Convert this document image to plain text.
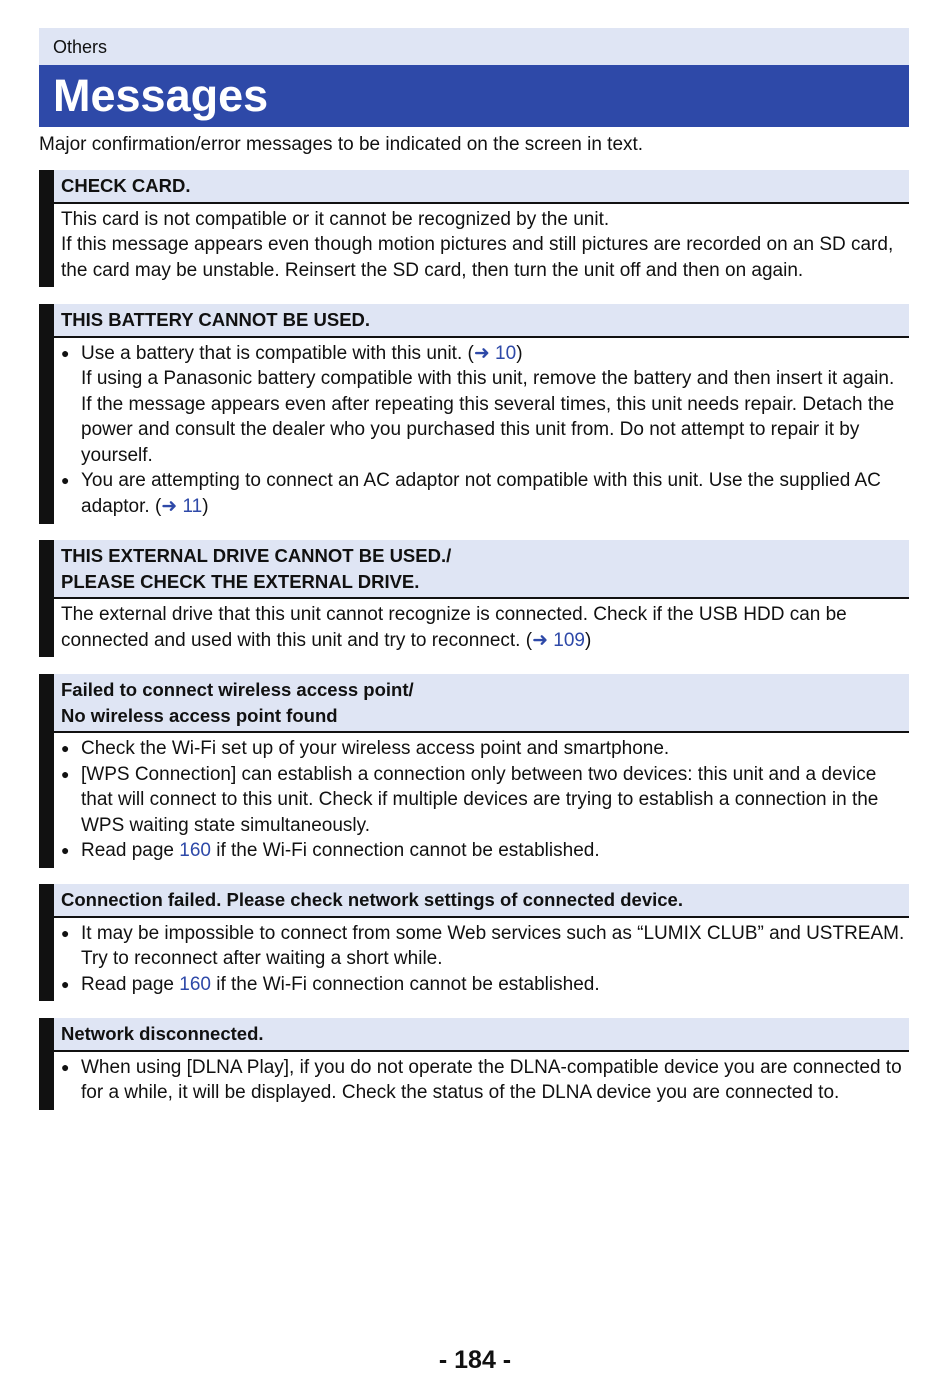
Others
Messages
Major confirmation/error messages to be indicated on the screen in text.
CHECK CARD.

This card is not compatible or it cannot be recognized by the unit.

If this message appears even though motion pictures and still pictures are recorded on an SD card, the card may be unstable. Reinsert the SD card, then turn the unit off and then on again.

THIS BATTERY CANNOT BE USED.
● Use a battery that is compatible with this unit. (➜ 10)
If using a Panasonic battery compatible with this unit, remove the battery and then insert it again. If the message appears even after repeating this several times, this unit needs repair. Detach the power and consult the dealer who you purchased this unit from. Do not attempt to repair it by yourself.
● You are attempting to connect an AC adaptor not compatible with this unit. Use the supplied AC adaptor. (➜ 11)
THIS EXTERNAL DRIVE CANNOT BE USED./
PLEASE CHECK THE EXTERNAL DRIVE.

The external drive that this unit cannot recognize is connected. Check if the USB HDD can be connected and used with this unit and try to reconnect. (➜ 109)

Failed to connect wireless access point/
No wireless access point found
● Check the Wi-Fi set up of your wireless access point and smartphone.
● [WPS Connection] can establish a connection only between two devices: this unit and a device that will connect to this unit. Check if multiple devices are trying to establish a connection in the WPS waiting state simultaneously.
● Read page 160 if the Wi-Fi connection cannot be established.
Connection failed. Please check network settings of connected device.
● It may be impossible to connect from some Web services such as “LUMIX CLUB” and USTREAM. Try to reconnect after waiting a short while.
● Read page 160 if the Wi-Fi connection cannot be established.
Network disconnected.
● When using [DLNA Play], if you do not operate the DLNA-compatible device you are connected to for a while, it will be displayed. Check the status of the DLNA device you are connected to.
- 184 -
